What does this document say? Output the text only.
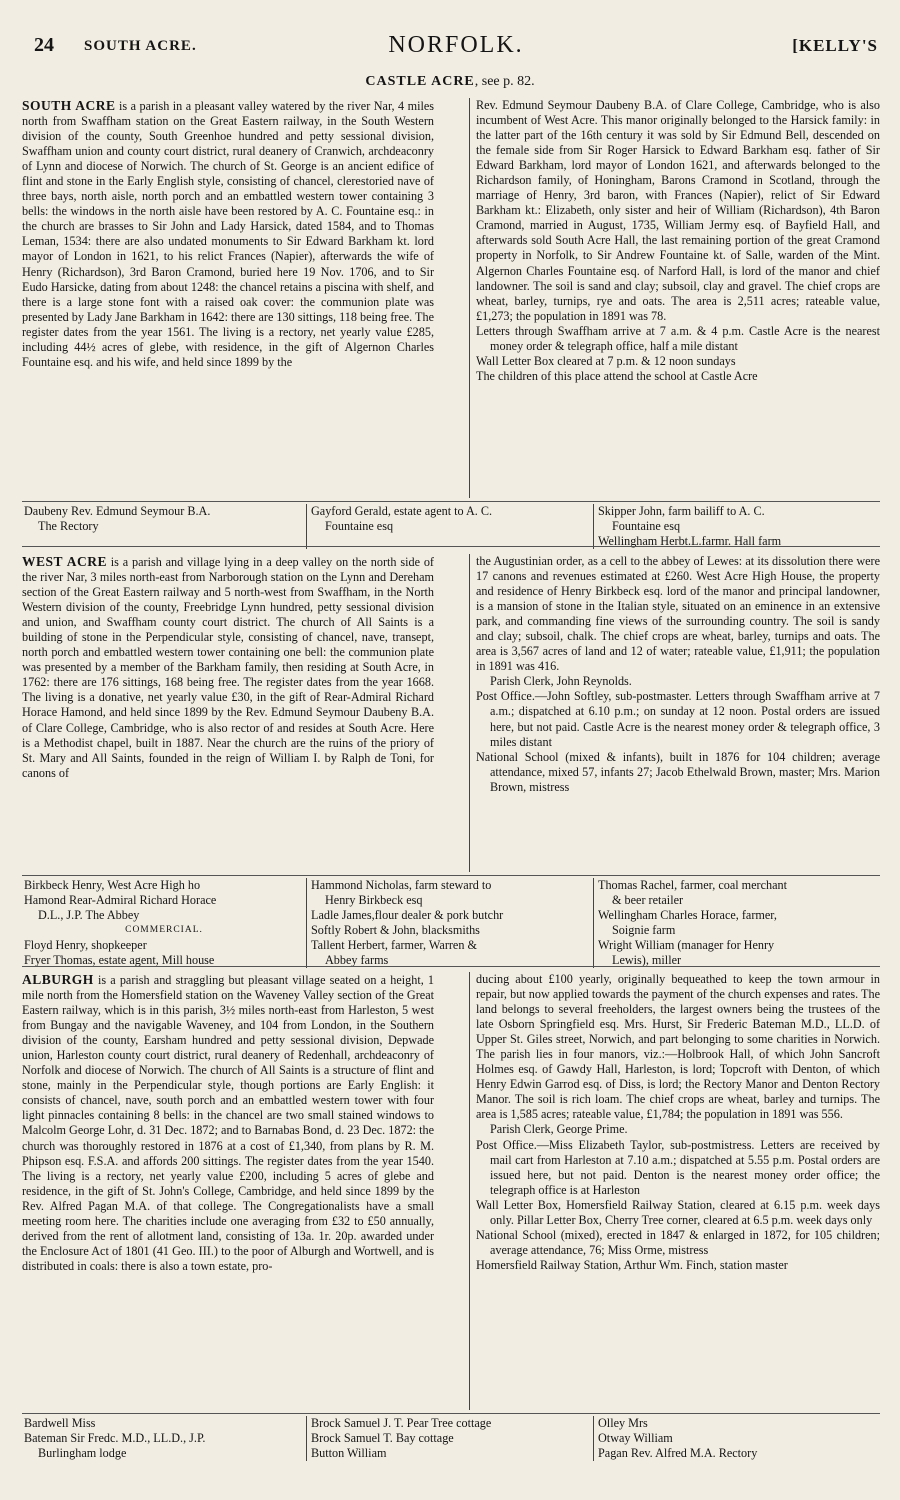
24 SOUTH ACRE.	NORFOLK.	[KELLY'S
CASTLE ACRE, see p. 82.

SOUTH ACRE is a parish in a pleasant valley watered by the river Nar, 4 miles north from Swaffham station on the Great Eastern railway, in the South Western division of the county, South Greenhoe hundred and petty sessional division, Swaffham union and county court district, rural deanery of Cranwich, archdeaconry of Lynn and diocese of Norwich. The church of St. George is an ancient edifice of flint and stone in the Early English style, consisting of chancel, clerestoried nave of three bays, north aisle, north porch and an embattled western tower containing 3 bells: the windows in the north aisle have been restored by A. C. Fountaine esq.: in the church are brasses to Sir John and Lady Harsick, dated 1584, and to Thomas Leman, 1534: there are also undated monuments to Sir Edward Barkham kt. lord mayor of London in 1621, to his relict Frances (Napier), afterwards the wife of Henry (Richardson), 3rd Baron Cramond, buried here 19 Nov. 1706, and to Sir Eudo Harsicke, dating from about 1248: the chancel retains a piscina with shelf, and there is a large stone font with a raised oak cover: the communion plate was presented by Lady Jane Barkham in 1642: there are 130 sittings, 118 being free. The register dates from the year 1561. The living is a rectory, net yearly value £285, including 44½ acres of glebe, with residence, in the gift of Algernon Charles Fountaine esq. and his wife, and held since 1899 by the

Rev. Edmund Seymour Daubeny B.A. of Clare College, Cambridge, who is also incumbent of West Acre. This manor originally belonged to the Harsick family: in the latter part of the 16th century it was sold by Sir Edmund Bell, descended on the female side from Sir Roger Harsick to Edward Barkham esq. father of Sir Edward Barkham, lord mayor of London 1621, and afterwards belonged to the Richardson family, of Honingham, Barons Cramond in Scotland, through the marriage of Henry, 3rd baron, with Frances (Napier), relict of Sir Edward Barkham kt.: Elizabeth, only sister and heir of William (Richardson), 4th Baron Cramond, married in August, 1735, William Jermy esq. of Bayfield Hall, and afterwards sold South Acre Hall, the last remaining portion of the great Cramond property in Norfolk, to Sir Andrew Fountaine kt. of Salle, warden of the Mint. Algernon Charles Fountaine esq. of Narford Hall, is lord of the manor and chief landowner. The soil is sand and clay; subsoil, clay and gravel. The chief crops are wheat, barley, turnips, rye and oats. The area is 2,511 acres; rateable value, £1,273; the population in 1891 was 78.

Letters through Swaffham arrive at 7 a.m. & 4 p.m. Castle Acre is the nearest money order & telegraph office, half a mile distant

Wall Letter Box cleared at 7 p.m. & 12 noon sundays

The children of this place attend the school at Castle Acre

Daubeny Rev. Edmund Seymour B.A.
The Rectory
Gayford Gerald, estate agent to A. C.
Fountaine esq
Skipper John, farm bailiff to A. C.
Fountaine esq
Wellingham Herbt.L.farmr. Hall farm

WEST ACRE is a parish and village lying in a deep valley on the north side of the river Nar, 3 miles north-east from Narborough station on the Lynn and Dereham section of the Great Eastern railway and 5 north-west from Swaffham, in the North Western division of the county, Freebridge Lynn hundred, petty sessional division and union, and Swaffham county court district. The church of All Saints is a building of stone in the Perpendicular style, consisting of chancel, nave, transept, north porch and embattled western tower containing one bell: the communion plate was presented by a member of the Barkham family, then residing at South Acre, in 1762: there are 176 sittings, 168 being free. The register dates from the year 1668. The living is a donative, net yearly value £30, in the gift of Rear-Admiral Richard Horace Hamond, and held since 1899 by the Rev. Edmund Seymour Daubeny B.A. of Clare College, Cambridge, who is also rector of and resides at South Acre. Here is a Methodist chapel, built in 1887. Near the church are the ruins of the priory of St. Mary and All Saints, founded in the reign of William I. by Ralph de Toni, for canons of

the Augustinian order, as a cell to the abbey of Lewes: at its dissolution there were 17 canons and revenues estimated at £260. West Acre High House, the property and residence of Henry Birkbeck esq. lord of the manor and principal landowner, is a mansion of stone in the Italian style, situated on an eminence in an extensive park, and commanding fine views of the surrounding country. The soil is sandy and clay; subsoil, chalk. The chief crops are wheat, barley, turnips and oats. The area is 3,567 acres of land and 12 of water; rateable value, £1,911; the population in 1891 was 416.

Parish Clerk, John Reynolds.

Post Office.—John Softley, sub-postmaster. Letters through Swaffham arrive at 7 a.m.; dispatched at 6.10 p.m.; on sunday at 12 noon. Postal orders are issued here, but not paid. Castle Acre is the nearest money order & telegraph office, 3 miles distant

National School (mixed & infants), built in 1876 for 104 children; average attendance, mixed 57, infants 27; Jacob Ethelwald Brown, master; Mrs. Marion Brown, mistress

Birkbeck Henry, West Acre High ho
Hamond Rear-Admiral Richard Horace
D.L., J.P. The Abbey
COMMERCIAL.
Floyd Henry, shopkeeper
Fryer Thomas, estate agent, Mill house
Hammond Nicholas, farm steward to
Henry Birkbeck esq
Ladle James,flour dealer & pork butchr
Softly Robert & John, blacksmiths
Tallent Herbert, farmer, Warren &
Abbey farms
Thomas Rachel, farmer, coal merchant
& beer retailer
Wellingham Charles Horace, farmer,
Soignie farm
Wright William (manager for Henry
Lewis), miller

ALBURGH is a parish and straggling but pleasant village seated on a height, 1 mile north from the Homersfield station on the Waveney Valley section of the Great Eastern railway, which is in this parish, 3½ miles north-east from Harleston, 5 west from Bungay and the navigable Waveney, and 104 from London, in the Southern division of the county, Earsham hundred and petty sessional division, Depwade union, Harleston county court district, rural deanery of Redenhall, archdeaconry of Norfolk and diocese of Norwich. The church of All Saints is a structure of flint and stone, mainly in the Perpendicular style, though portions are Early English: it consists of chancel, nave, south porch and an embattled western tower with four light pinnacles containing 8 bells: in the chancel are two small stained windows to Malcolm George Lohr, d. 31 Dec. 1872; and to Barnabas Bond, d. 23 Dec. 1872: the church was thoroughly restored in 1876 at a cost of £1,340, from plans by R. M. Phipson esq. F.S.A. and affords 200 sittings. The register dates from the year 1540. The living is a rectory, net yearly value £200, including 5 acres of glebe and residence, in the gift of St. John's College, Cambridge, and held since 1899 by the Rev. Alfred Pagan M.A. of that college. The Congregationalists have a small meeting room here. The charities include one averaging from £32 to £50 annually, derived from the rent of allotment land, consisting of 13a. 1r. 20p. awarded under the Enclosure Act of 1801 (41 Geo. III.) to the poor of Alburgh and Wortwell, and is distributed in coals: there is also a town estate, pro-

ducing about £100 yearly, originally bequeathed to keep the town armour in repair, but now applied towards the payment of the church expenses and rates. The land belongs to several freeholders, the largest owners being the trustees of the late Osborn Springfield esq. Mrs. Hurst, Sir Frederic Bateman M.D., LL.D. of Upper St. Giles street, Norwich, and part belonging to some charities in Norwich. The parish lies in four manors, viz.:—Holbrook Hall, of which John Sancroft Holmes esq. of Gawdy Hall, Harleston, is lord; Topcroft with Denton, of which Henry Edwin Garrod esq. of Diss, is lord; the Rectory Manor and Denton Rectory Manor. The soil is rich loam. The chief crops are wheat, barley and turnips. The area is 1,585 acres; rateable value, £1,784; the population in 1891 was 556.

Parish Clerk, George Prime.

Post Office.—Miss Elizabeth Taylor, sub-postmistress. Letters are received by mail cart from Harleston at 7.10 a.m.; dispatched at 5.55 p.m. Postal orders are issued here, but not paid. Denton is the nearest money order office; the telegraph office is at Harleston

Wall Letter Box, Homersfield Railway Station, cleared at 6.15 p.m. week days only. Pillar Letter Box, Cherry Tree corner, cleared at 6.5 p.m. week days only

National School (mixed), erected in 1847 & enlarged in 1872, for 105 children; average attendance, 76; Miss Orme, mistress

Homersfield Railway Station, Arthur Wm. Finch, station master

Bardwell Miss
Bateman Sir Fredc. M.D., LL.D., J.P.
Burlingham lodge
Brock Samuel J. T. Pear Tree cottage
Brock Samuel T. Bay cottage
Button William
Olley Mrs
Otway William
Pagan Rev. Alfred M.A. Rectory
